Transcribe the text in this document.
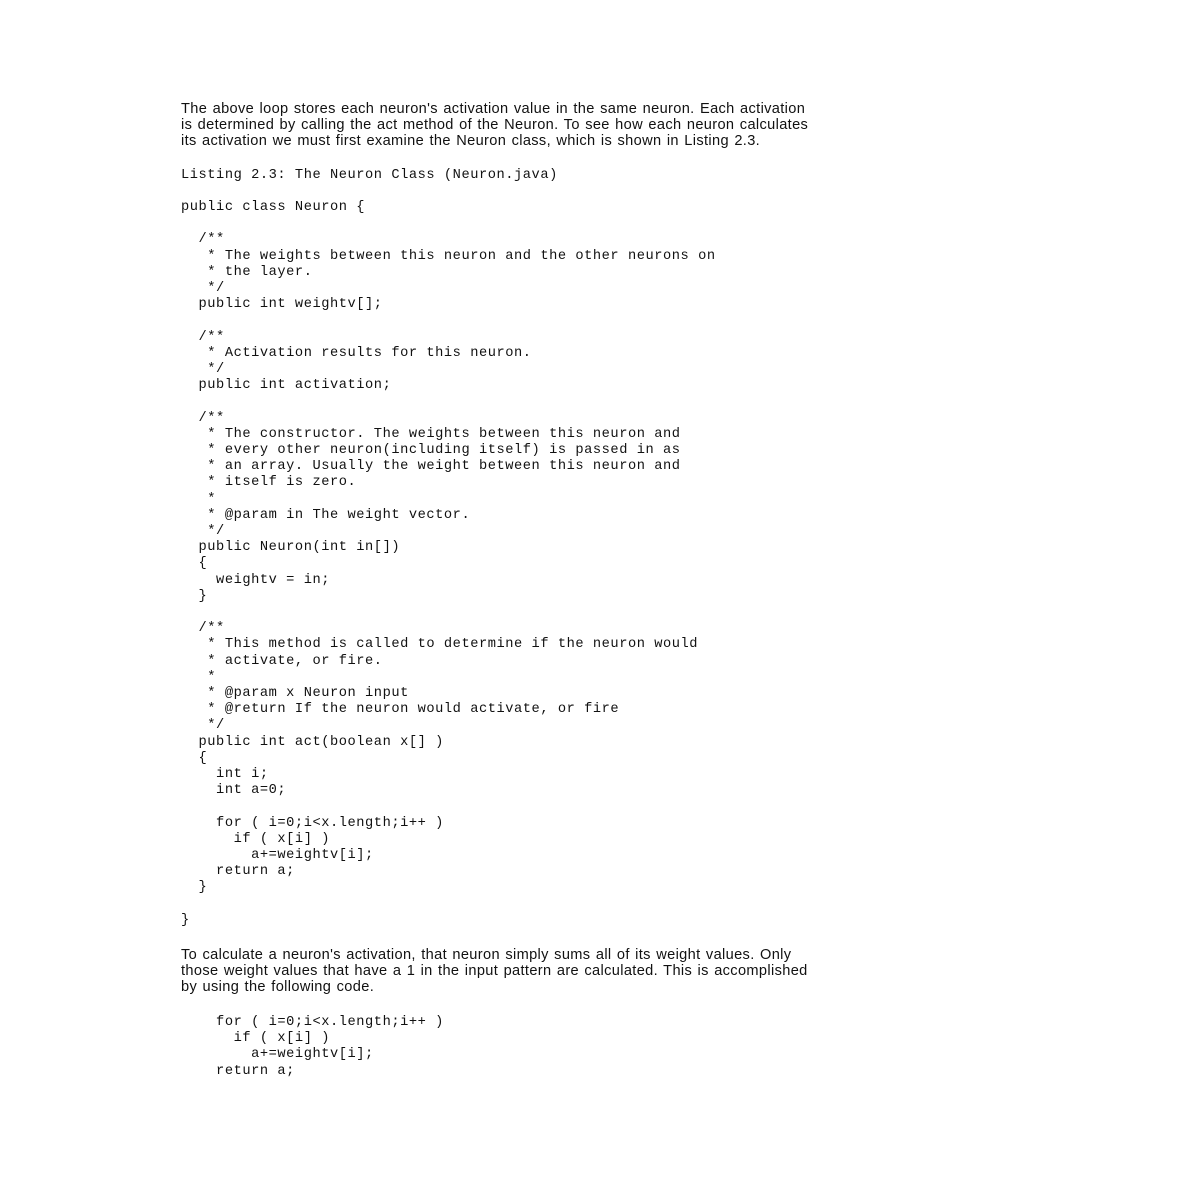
The above loop stores each neuron's activation value in the same neuron. Each activation
is determined by calling the act method of the Neuron. To see how each neuron calculates
its activation we must first examine the Neuron class, which is shown in Listing 2.3.

Listing 2.3: The Neuron Class (Neuron.java)
public class Neuron {
/**
* The weights between this neuron and the other neurons on
* the layer.
*/
public int weightv[];
/**
* Activation results for this neuron.
*/
public int activation;
/**
* The constructor. The weights between this neuron and
* every other neuron(including itself) is passed in as
* an array. Usually the weight between this neuron and
* itself is zero.
*
* @param in The weight vector.
*/
public Neuron(int in[])
{
weightv = in;
}
/**
* This method is called to determine if the neuron would
* activate, or fire.
*
* @param x Neuron input
* @return If the neuron would activate, or fire
*/
public int act(boolean x[] )
{
int i;
int a=0;
for ( i=0;i<x.length;i++ )
if ( x[i] )
a+=weightv[i];
return a;
}
}

To calculate a neuron's activation, that neuron simply sums all of its weight values. Only
those weight values that have a 1 in the input pattern are calculated. This is accomplished
by using the following code.

for ( i=0;i<x.length;i++ )
if ( x[i] )
a+=weightv[i];
return a;
